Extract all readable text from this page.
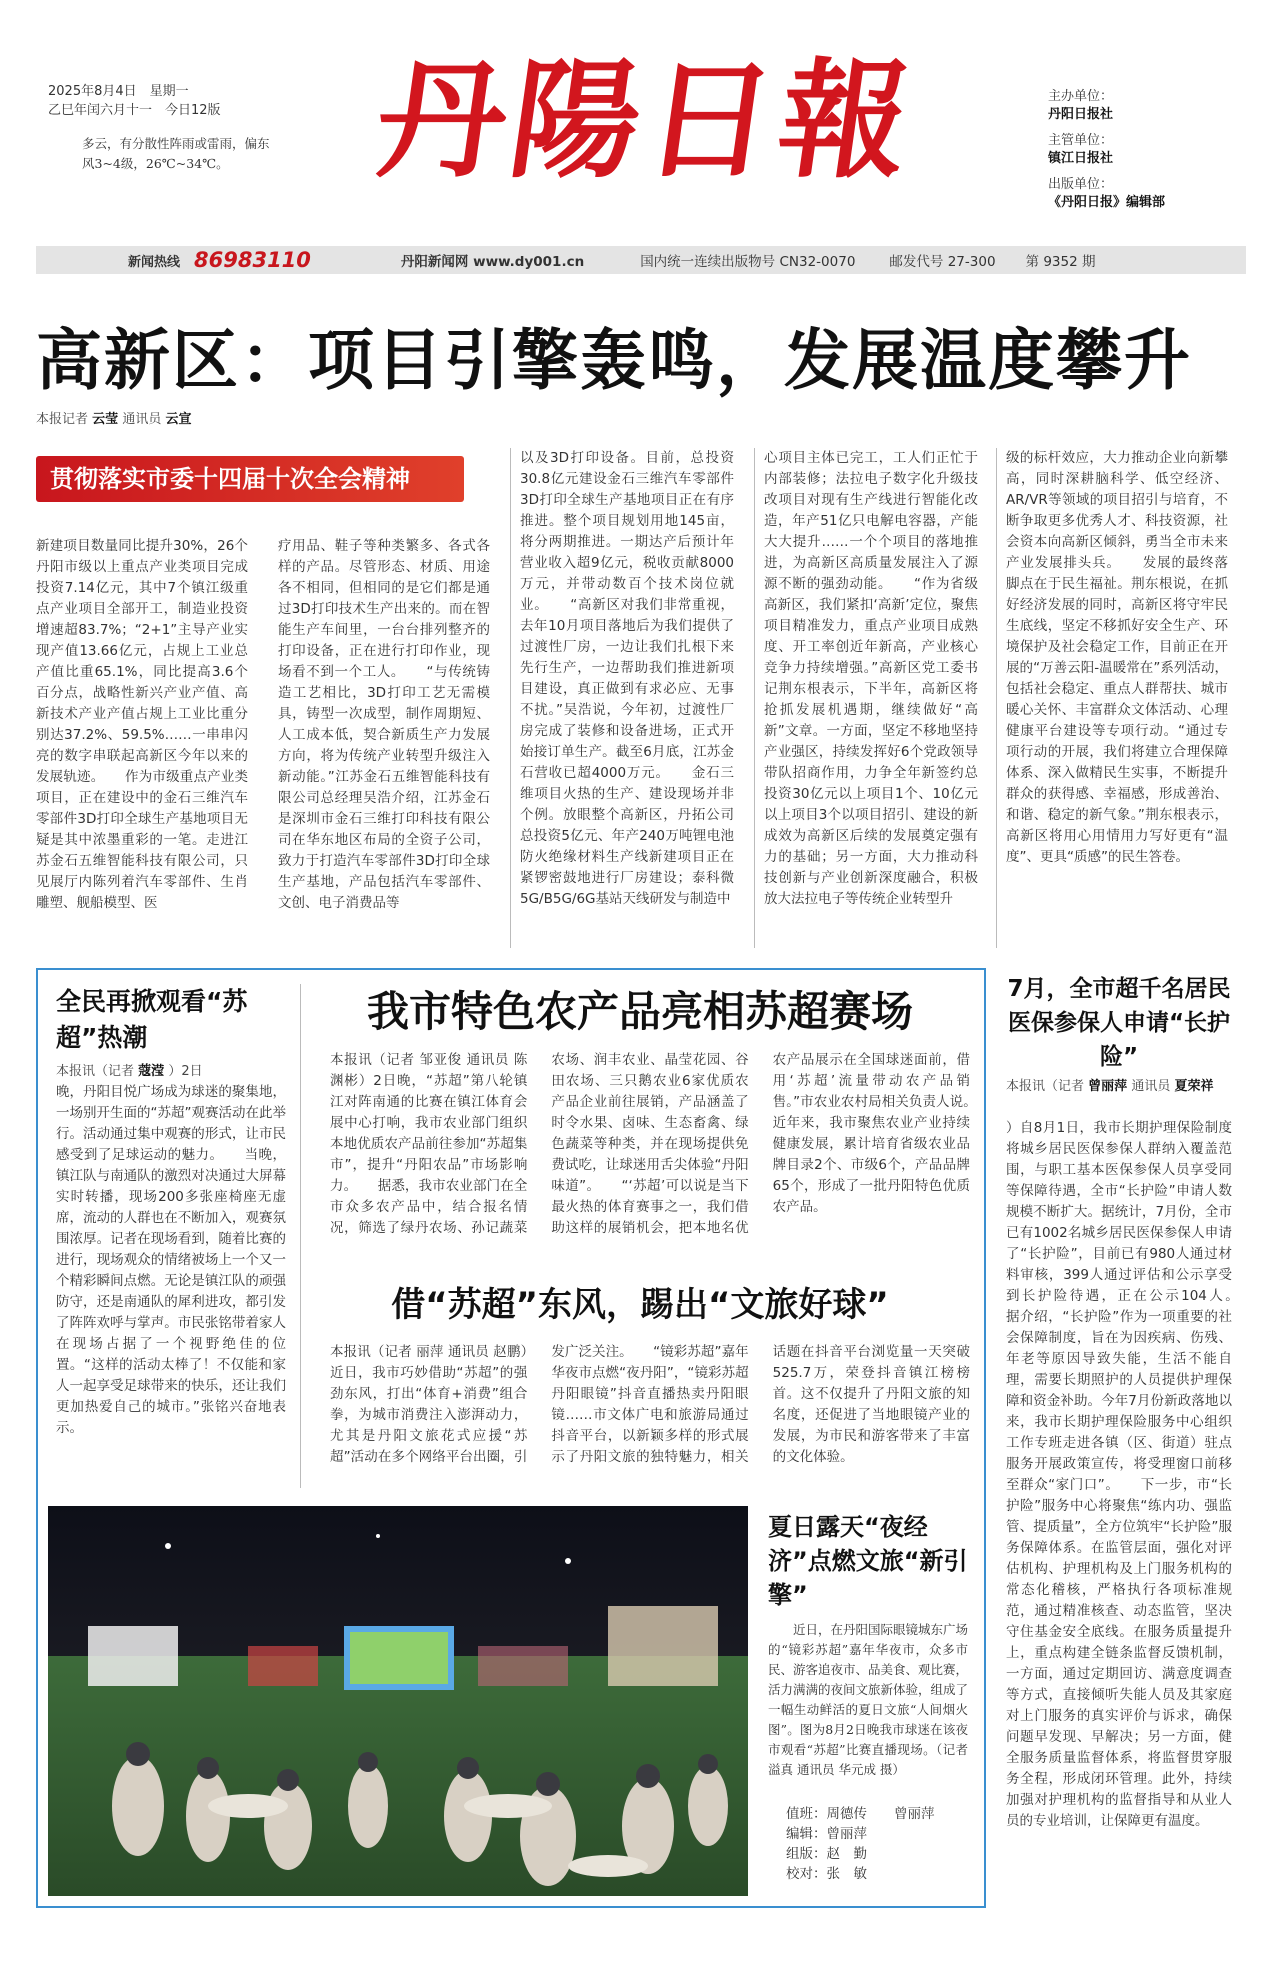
2025年8月4日　星期一
乙巳年闰六月十一　今日12版
多云，有分散性阵雨或雷雨，偏东风3~4级，26℃~34℃。	丹陽日報	主办单位：
丹阳日报社
主管单位：
镇江日报社
出版单位：
《丹阳日报》编辑部
新闻热线 86983110	丹阳新闻网 www.dy001.cn	国内统一连续出版物号 CN32-0070	邮发代号 27-300 第 9352 期
高新区：项目引擎轰鸣，发展温度攀升
本报记者 云莹 通讯员 云宣
贯彻落实市委十四届十次全会精神
新建项目数量同比提升30%，26个丹阳市级以上重点产业类项目完成投资7.14亿元，其中7个镇江级重点产业项目全部开工，制造业投资增速超83.7%；“2+1”主导产业实现产值13.66亿元，占规上工业总产值比重65.1%，同比提高3.6个百分点，战略性新兴产业产值、高新技术产业产值占规上工业比重分别达37.2%、59.5%……一串串闪亮的数字串联起高新区今年以来的发展轨迹。　　作为市级重点产业类项目，正在建设中的金石三维汽车零部件3D打印全球生产基地项目无疑是其中浓墨重彩的一笔。走进江苏金石五维智能科技有限公司，只见展厅内陈列着汽车零部件、生肖雕塑、舰船模型、医
疗用品、鞋子等种类繁多、各式各样的产品。尽管形态、材质、用途各不相同，但相同的是它们都是通过3D打印技术生产出来的。而在智能生产车间里，一台台排列整齐的打印设备，正在进行打印作业，现场看不到一个工人。　　“与传统铸造工艺相比，3D打印工艺无需模具，铸型一次成型，制作周期短、人工成本低，契合新质生产力发展方向，将为传统产业转型升级注入新动能。”江苏金石五维智能科技有限公司总经理吴浩介绍，江苏金石是深圳市金石三维打印科技有限公司在华东地区布局的全资子公司，致力于打造汽车零部件3D打印全球生产基地，产品包括汽车零部件、文创、电子消费品等
以及3D打印设备。目前，总投资30.8亿元建设金石三维汽车零部件3D打印全球生产基地项目正在有序推进。整个项目规划用地145亩，将分两期推进。一期达产后预计年营业收入超9亿元，税收贡献8000万元，并带动数百个技术岗位就业。　　“高新区对我们非常重视，去年10月项目落地后为我们提供了过渡性厂房，一边让我们扎根下来先行生产，一边帮助我们推进新项目建设，真正做到有求必应、无事不扰。”吴浩说，今年初，过渡性厂房完成了装修和设备进场，正式开始接订单生产。截至6月底，江苏金石营收已超4000万元。　　金石三维项目火热的生产、建设现场并非个例。放眼整个高新区，丹拓公司总投资5亿元、年产240万吨锂电池防火绝缘材料生产线新建项目正在紧锣密鼓地进行厂房建设；泰科微5G/B5G/6G基站天线研发与制造中
心项目主体已完工，工人们正忙于内部装修；法拉电子数字化升级技改项目对现有生产线进行智能化改造，年产51亿只电解电容器，产能大大提升……一个个项目的落地推进，为高新区高质量发展注入了源源不断的强劲动能。　　“作为省级高新区，我们紧扣‘高新’定位，聚焦项目精准发力，重点产业项目成熟度、开工率创近年新高，产业核心竞争力持续增强。”高新区党工委书记荆东根表示，下半年，高新区将抢抓发展机遇期，继续做好“高新”文章。一方面，坚定不移地坚持产业强区，持续发挥好6个党政领导带队招商作用，力争全年新签约总投资30亿元以上项目1个、10亿元以上项目3个以项目招引、建设的新成效为高新区后续的发展奠定强有力的基础；另一方面，大力推动科技创新与产业创新深度融合，积极放大法拉电子等传统企业转型升
级的标杆效应，大力推动企业向新攀高，同时深耕脑科学、低空经济、AR/VR等领域的项目招引与培育，不断争取更多优秀人才、科技资源，社会资本向高新区倾斜，勇当全市未来产业发展排头兵。　　发展的最终落脚点在于民生福祉。荆东根说，在抓好经济发展的同时，高新区将守牢民生底线，坚定不移抓好安全生产、环境保护及社会稳定工作，目前正在开展的“万善云阳-温暖常在”系列活动，包括社会稳定、重点人群帮扶、城市暖心关怀、丰富群众文体活动、心理健康平台建设等专项行动。“通过专项行动的开展，我们将建立合理保障体系、深入做精民生实事，不断提升群众的获得感、幸福感，形成善治、和谐、稳定的新气象。”荆东根表示，高新区将用心用情用力写好更有“温度”、更具“质感”的民生答卷。
全民再掀观看“苏超”热潮
本报讯（记者 蔻滢 ）2日
晚，丹阳目悦广场成为球迷的聚集地，一场别开生面的“苏超”观赛活动在此举行。活动通过集中观赛的形式，让市民感受到了足球运动的魅力。　　当晚，镇江队与南通队的激烈对决通过大屏幕实时转播，现场200多张座椅座无虚席，流动的人群也在不断加入，观赛氛围浓厚。记者在现场看到，随着比赛的进行，现场观众的情绪被场上一个又一个精彩瞬间点燃。无论是镇江队的顽强防守，还是南通队的犀利进攻，都引发了阵阵欢呼与掌声。市民张铭带着家人在现场占据了一个视野绝佳的位置。“这样的活动太棒了！不仅能和家人一起享受足球带来的快乐，还让我们更加热爱自己的城市。”张铭兴奋地表示。
我市特色农产品亮相苏超赛场
本报讯（记者 邹亚俊 通讯员 陈渊彬）2日晚，“苏超”第八轮镇江对阵南通的比赛在镇江体育会展中心打响，我市农业部门组织本地优质农产品前往参加“苏超集市”，提升“丹阳农品”市场影响力。　　据悉，我市农业部门在全市众多农产品中，结合报名情况，筛选了绿丹农场、孙记蔬菜农场、润丰农业、晶莹花园、谷田农场、三只鹅农业6家优质农产品企业前往展销，产品涵盖了时令水果、卤味、生态畜禽、绿色蔬菜等种类，并在现场提供免费试吃，让球迷用舌尖体验“丹阳味道”。　　“‘苏超’可以说是当下最火热的体育赛事之一，我们借助这样的展销机会，把本地名优农产品展示在全国球迷面前，借用‘苏超’流量带动农产品销售。”市农业农村局相关负责人说。　　近年来，我市聚焦农业产业持续健康发展，累计培育省级农业品牌目录2个、市级6个，产品品牌65个，形成了一批丹阳特色优质农产品。
借“苏超”东风，踢出“文旅好球”
本报讯（记者 丽萍 通讯员 赵鹏）近日，我市巧妙借助“苏超”的强劲东风，打出“体育+消费”组合拳，为城市消费注入澎湃动力，尤其是丹阳文旅花式应援“苏超”活动在多个网络平台出圈，引发广泛关注。　　“镜彩苏超”嘉年华夜市点燃“夜丹阳”，“镜彩苏超丹阳眼镜”抖音直播热卖丹阳眼镜……市文体广电和旅游局通过抖音平台，以新颖多样的形式展示了丹阳文旅的独特魅力，相关话题在抖音平台浏览量一天突破525.7万，荣登抖音镇江榜榜首。这不仅提升了丹阳文旅的知名度，还促进了当地眼镜产业的发展，为市民和游客带来了丰富的文化体验。
夏日露天“夜经济”点燃文旅“新引擎”
近日，在丹阳国际眼镜城东广场的“镜彩苏超”嘉年华夜市，众多市民、游客追夜市、品美食、观比赛，活力满满的夜间文旅新体验，组成了一幅生动鲜活的夏日文旅“人间烟火图”。图为8月2日晚我市球迷在该夜市观看“苏超”比赛直播现场。（记者 溢真 通讯员 华元成 摄）
值班：周德传　　曾丽萍
编辑：曾丽萍
组版：赵　勤
校对：张　敏
7月，全市超千名居民医保参保人申请“长护险”
本报讯（记者 曾丽萍 通讯员 夏荣祥
）自8月1日，我市长期护理保险制度将城乡居民医保参保人群纳入覆盖范围，与职工基本医保参保人员享受同等保障待遇，全市“长护险”申请人数规模不断扩大。据统计，7月份，全市已有1002名城乡居民医保参保人申请了“长护险”，目前已有980人通过材料审核，399人通过评估和公示享受到长护险待遇，正在公示104人。　　据介绍，“长护险”作为一项重要的社会保障制度，旨在为因疾病、伤残、年老等原因导致失能，生活不能自理，需要长期照护的人员提供护理保障和资金补助。今年7月份新政落地以来，我市长期护理保险服务中心组织工作专班走进各镇（区、街道）驻点服务开展政策宣传，将受理窗口前移至群众“家门口”。　　下一步，市“长护险”服务中心将聚焦“练内功、强监管、提质量”，全方位筑牢“长护险”服务保障体系。在监管层面，强化对评估机构、护理机构及上门服务机构的常态化稽核，严格执行各项标准规范，通过精准核查、动态监管，坚决守住基金安全底线。在服务质量提升上，重点构建全链条监督反馈机制，一方面，通过定期回访、满意度调查等方式，直接倾听失能人员及其家庭对上门服务的真实评价与诉求，确保问题早发现、早解决；另一方面，健全服务质量监督体系，将监督贯穿服务全程，形成闭环管理。此外，持续加强对护理机构的监督指导和从业人员的专业培训，让保障更有温度。
